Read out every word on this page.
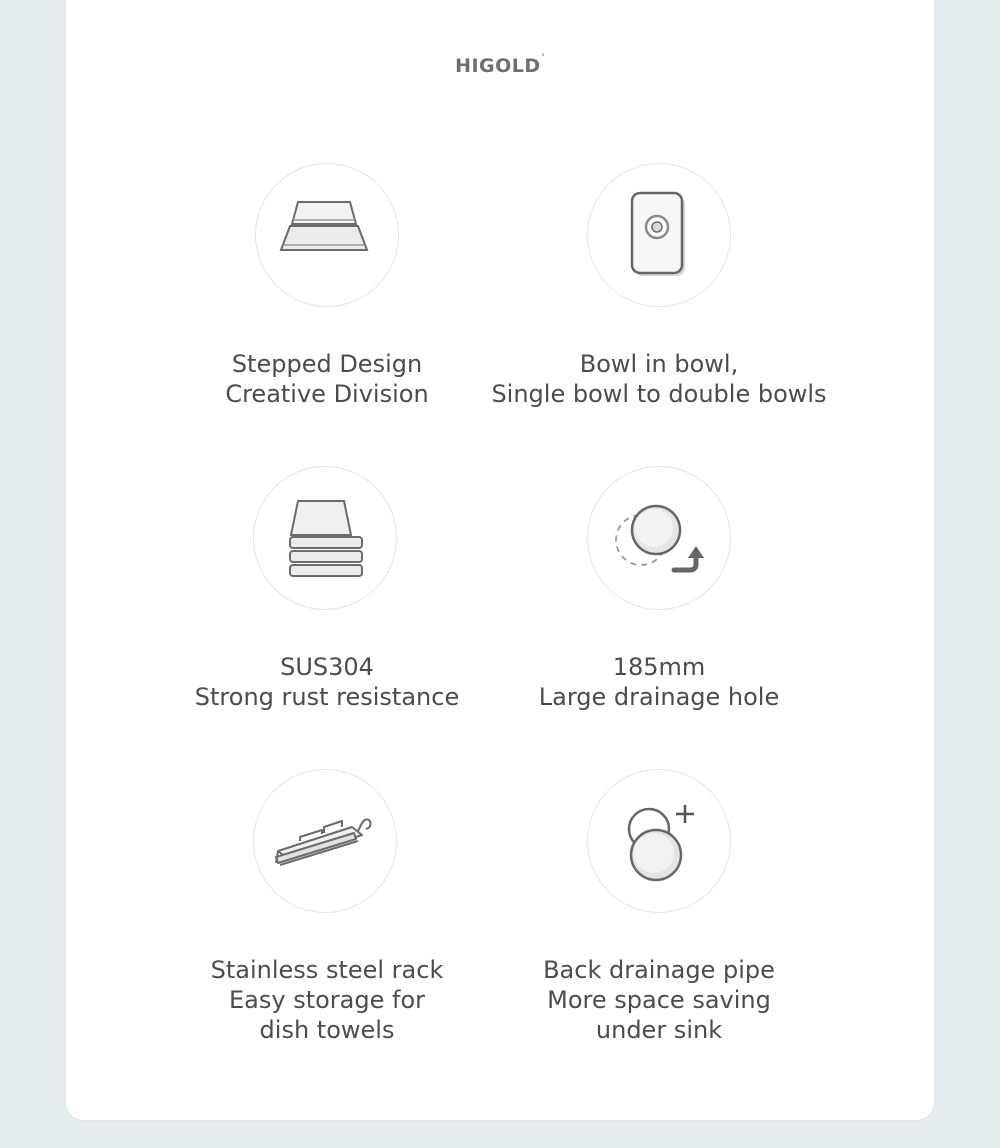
HIGOLD'
Stepped Design
Creative Division
Bowl in bowl,
Single bowl to double bowls
SUS304
Strong rust resistance
185mm
Large drainage hole
Stainless steel rack
Easy storage for
dish towels
Back drainage pipe
More space saving
under sink
